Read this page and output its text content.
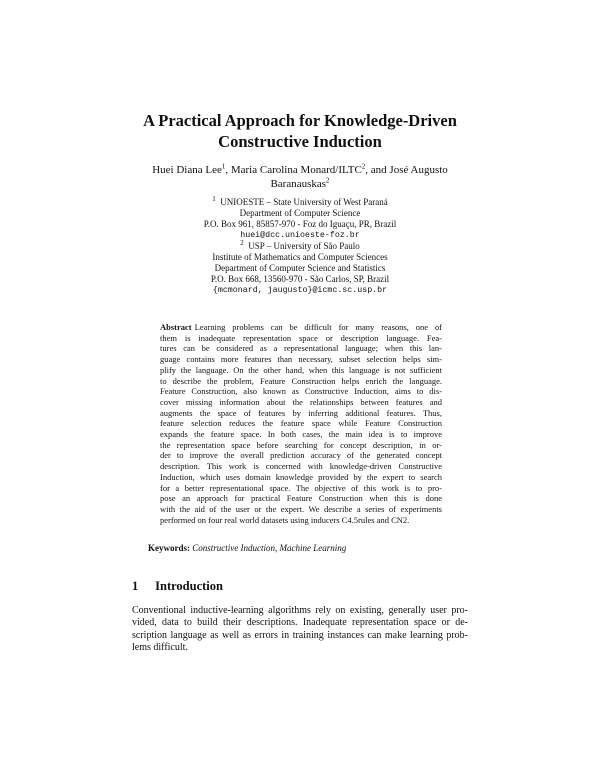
A Practical Approach for Knowledge-Driven
Constructive Induction
Huei Diana Lee$^1$, Maria Carolina Monard/ILTC$^2$, and José Augusto
Baranauskas$^2$
$^1$ UNIOESTE – State University of West Paraná
Department of Computer Science
P.O. Box 961, 85857-970 - Foz do Iguaçu, PR, Brazil
huei@dcc.unioeste-foz.br
$^2$ USP – University of São Paulo
Institute of Mathematics and Computer Sciences
Department of Computer Science and Statistics
P.O. Box 668, 13560-970 - São Carlos, SP, Brazil
{mcmonard, jaugusto}@icmc.sc.usp.br
Abstract Learning problems can be difficult for many reasons, one of
them is inadequate representation space or description language. Fea-
tures can be considered as a representational language; when this lan-
guage contains more features than necessary, subset selection helps sim-
plify the language. On the other hand, when this language is not sufficient
to describe the problem, Feature Construction helps enrich the language.
Feature Construction, also known as Constructive Induction, aims to dis-
cover missing information about the relationships between features and
augments the space of features by inferring additional features. Thus,
feature selection reduces the feature space while Feature Construction
expands the feature space. In both cases, the main idea is to improve
the representation space before searching for concept description, in or-
der to improve the overall prediction accuracy of the generated concept
description. This work is concerned with knowledge-driven Constructive
Induction, which uses domain knowledge provided by the expert to search
for a better representational space. The objective of this work is to pro-
pose an approach for practical Feature Construction when this is done
with the aid of the user or the expert. We describe a series of experiments
performed on four real world datasets using inducers C4.5rules and CN2.
Keywords: Constructive Induction, Machine Learning
1 Introduction
Conventional inductive-learning algorithms rely on existing, generally user pro-
vided, data to build their descriptions. Inadequate representation space or de-
scription language as well as errors in training instances can make learning prob-
lems difficult.
